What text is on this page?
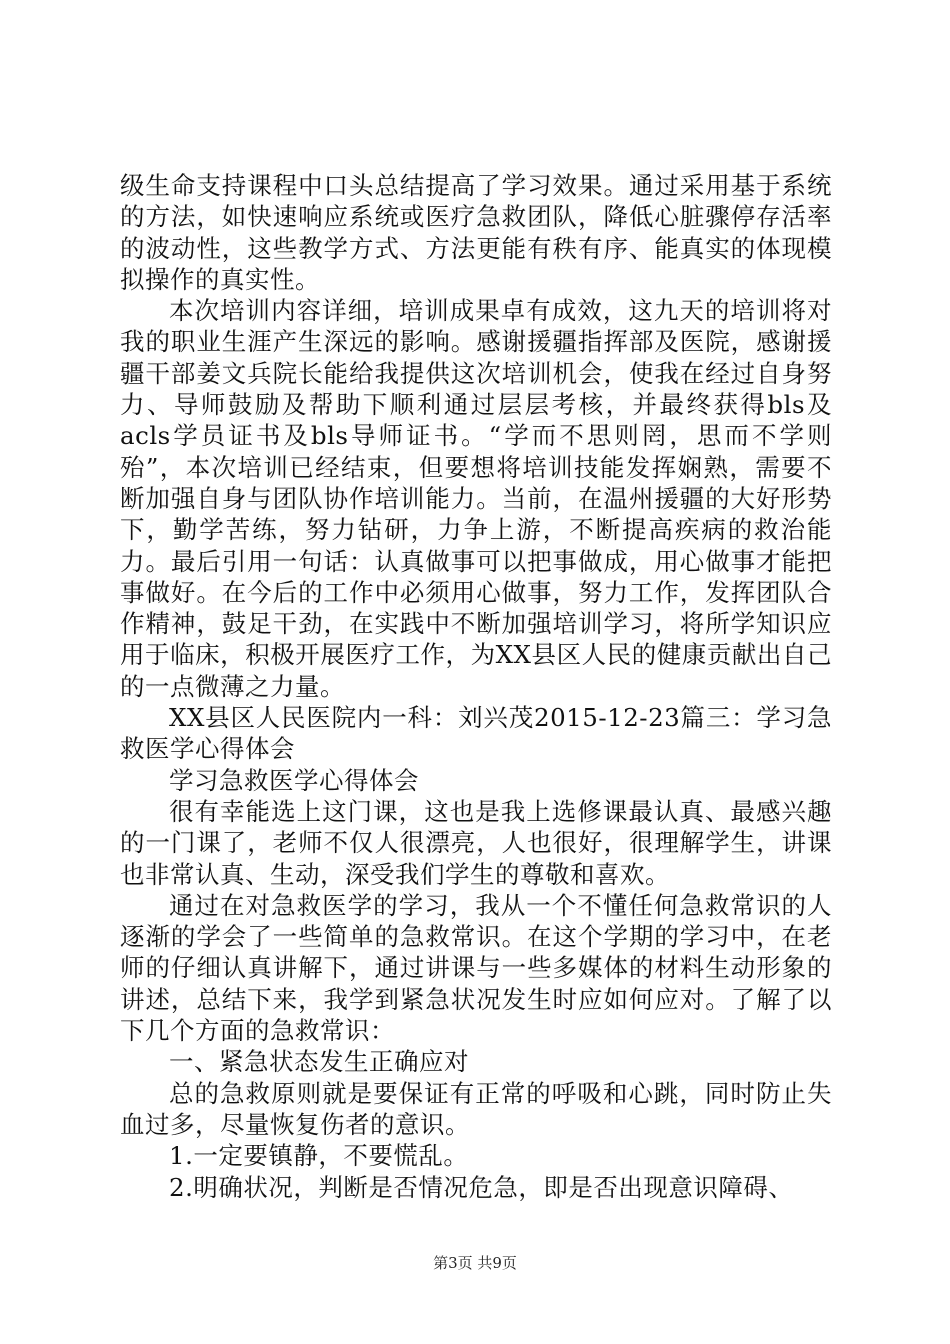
级生命支持课程中口头总结提高了学习效果。通过采用基于系统的方法，如快速响应系统或医疗急救团队，降低心脏骤停存活率的波动性，这些教学方式、方法更能有秩有序、能真实的体现模拟操作的真实性。

本次培训内容详细，培训成果卓有成效，这九天的培训将对我的职业生涯产生深远的影响。感谢援疆指挥部及医院，感谢援疆干部姜文兵院长能给我提供这次培训机会，使我在经过自身努力、导师鼓励及帮助下顺利通过层层考核，并最终获得bls及acls学员证书及bls导师证书。“学而不思则罔，思而不学则殆”，本次培训已经结束，但要想将培训技能发挥娴熟，需要不断加强自身与团队协作培训能力。当前，在温州援疆的大好形势下，勤学苦练，努力钻研，力争上游，不断提高疾病的救治能力。最后引用一句话：认真做事可以把事做成，用心做事才能把事做好。在今后的工作中必须用心做事，努力工作，发挥团队合作精神，鼓足干劲，在实践中不断加强培训学习，将所学知识应用于临床，积极开展医疗工作，为XX县区人民的健康贡献出自己的一点微薄之力量。

XX县区人民医院内一科：刘兴茂2015-12-23篇三：学习急救医学心得体会

学习急救医学心得体会

很有幸能选上这门课，这也是我上选修课最认真、最感兴趣的一门课了，老师不仅人很漂亮，人也很好，很理解学生，讲课也非常认真、生动，深受我们学生的尊敬和喜欢。

通过在对急救医学的学习，我从一个不懂任何急救常识的人逐渐的学会了一些简单的急救常识。在这个学期的学习中，在老师的仔细认真讲解下，通过讲课与一些多媒体的材料生动形象的讲述，总结下来，我学到紧急状况发生时应如何应对。了解了以下几个方面的急救常识：

一、紧急状态发生正确应对

总的急救原则就是要保证有正常的呼吸和心跳，同时防止失血过多，尽量恢复伤者的意识。

1.一定要镇静，不要慌乱。

2.明确状况，判断是否情况危急，即是否出现意识障碍、

第3页 共9页
